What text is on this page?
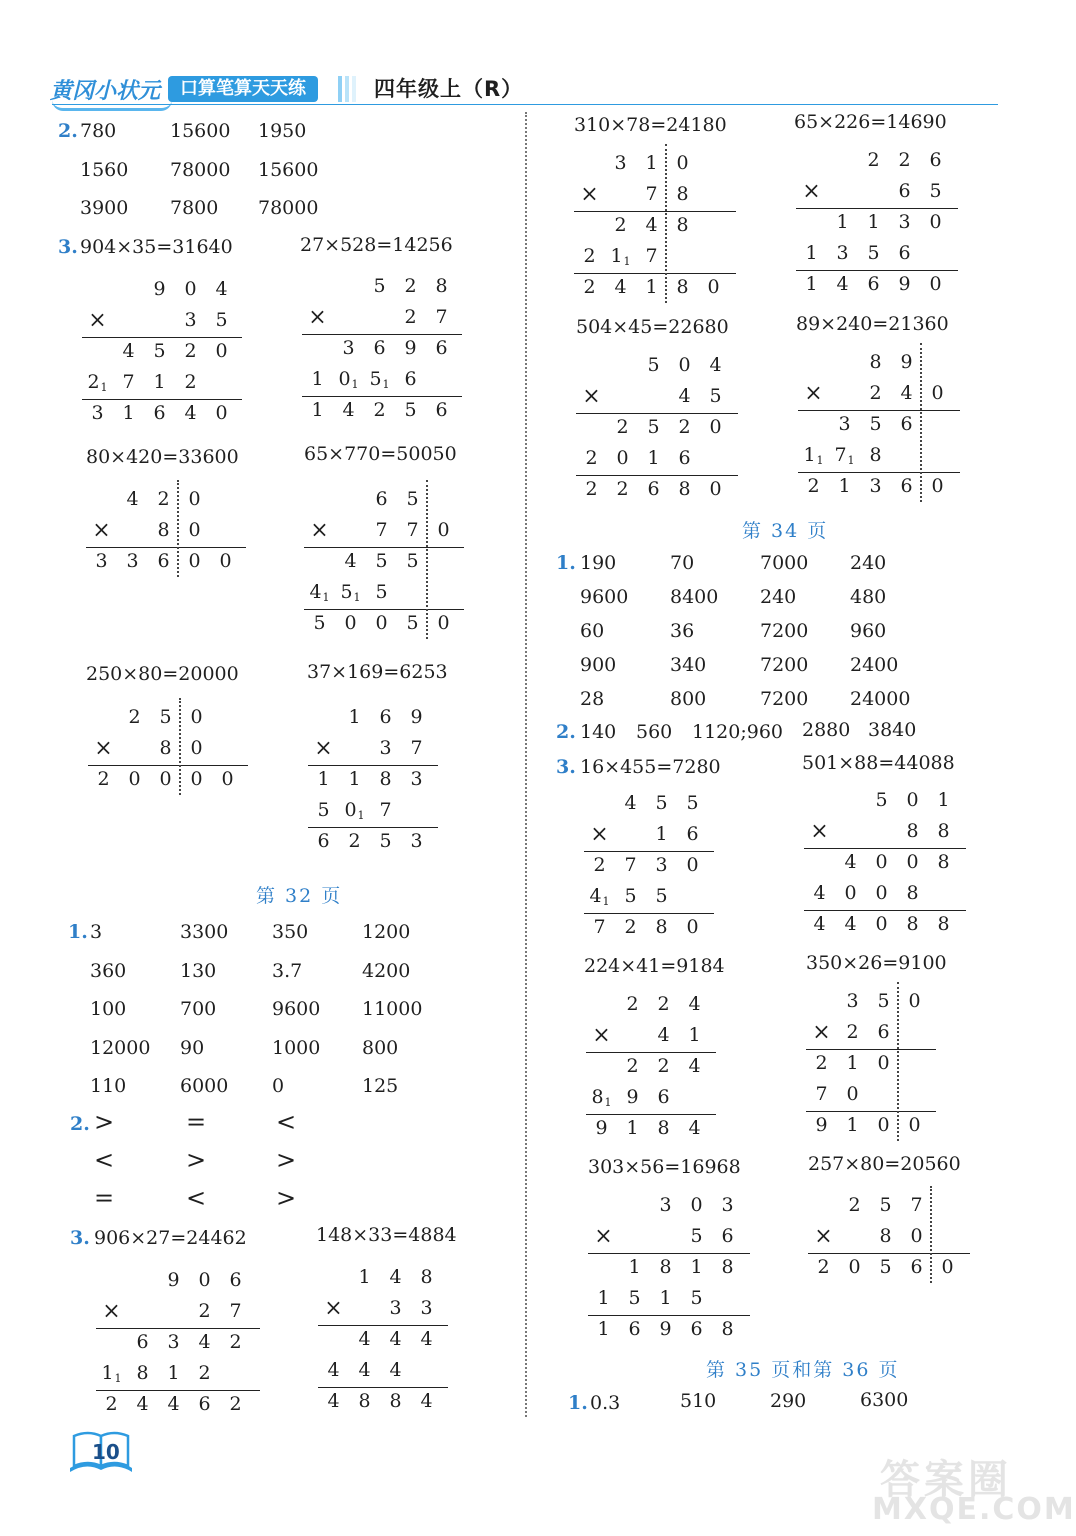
黄冈小状元	口算笔算天天练	四年级上（R）
2. 780	15600 1950
1560 78000 15600
3900 7800 78000
3. 904×35=31640	27×528=14256
9 0 4
×	3 5
4 5 2 0
$2_1$ 7 1 2
3 1 6 4 0
5 2 8
×	2 7
3 6 9 6
1 $0_1$ $5_1$ 6
1 4 2 5 6
80×420=33600	65×770=50050
4 2 0
×	8 0
3 3 6 0 0
6 5
×	7 7 0
4 5 5
$4_1$ $5_1$ 5
5 0 0 5 0
250×80=20000	37×169=6253
2 5 0
×	8 0
2 0 0 0 0
1 6 9
×	3 7
1 1 8 3
5 $0_1$ 7
6 2 5 3
第 32 页
1. 3	3300 350	1200
360	130	3.7	4200
100	700	9600 11000
12000 90	1000 800
110	6000 0	125
2. >	=	<
<	>	>
=	<	>
3. 906×27=24462	148×33=4884
9 0 6
×	2 7
6 3 4 2
$1_1$ 8 1 2
2 4 4 6 2
1 4 8
×	3 3
4 4 4
4 4 4
4 8 8 4
10
310×78=24180	65×226=14690
3 1 0
×	7 8
2 4 8
2 $1_1$ 7
2 4 1 8 0
2 2 6
×	6 5
1 1 3 0
1 3 5 6
1 4 6 9 0
504×45=22680	89×240=21360
5 0 4
×	4 5
2 5 2 0
2 0 1 6
2 2 6 8 0
8 9
×	2 4 0
3 5 6
$1_1$ $7_1$ 8
2 1 3 6 0
第 34 页
1. 190	70	7000 240
9600 8400 240	480
60	36	7200 960
900	340	7200 2400
28	800	7200 24000
2. 140 560 1120;960 2880 3840
3. 16×455=7280	501×88=44088
4 5 5
×	1 6
2 7 3 0
$4_1$ 5 5
7 2 8 0
5 0 1
×	8 8
4 0 0 8
4 0 0 8
4 4 0 8 8
224×41=9184	350×26=9100
2 2 4
×	4 1
2 2 4
$8_1$ 9 6
9 1 8 4
3 5 0
× 2 6
2 1 0
7 0
9 1 0 0
303×56=16968	257×80=20560
3 0 3
×	5 6
1 8 1 8
1 5 1 5
1 6 9 6 8
2 5 7
×	8 0
2 0 5 6 0
第 35 页和第 36 页
1. 0.3	510	290	6300
答案圈
MXQE.COM
